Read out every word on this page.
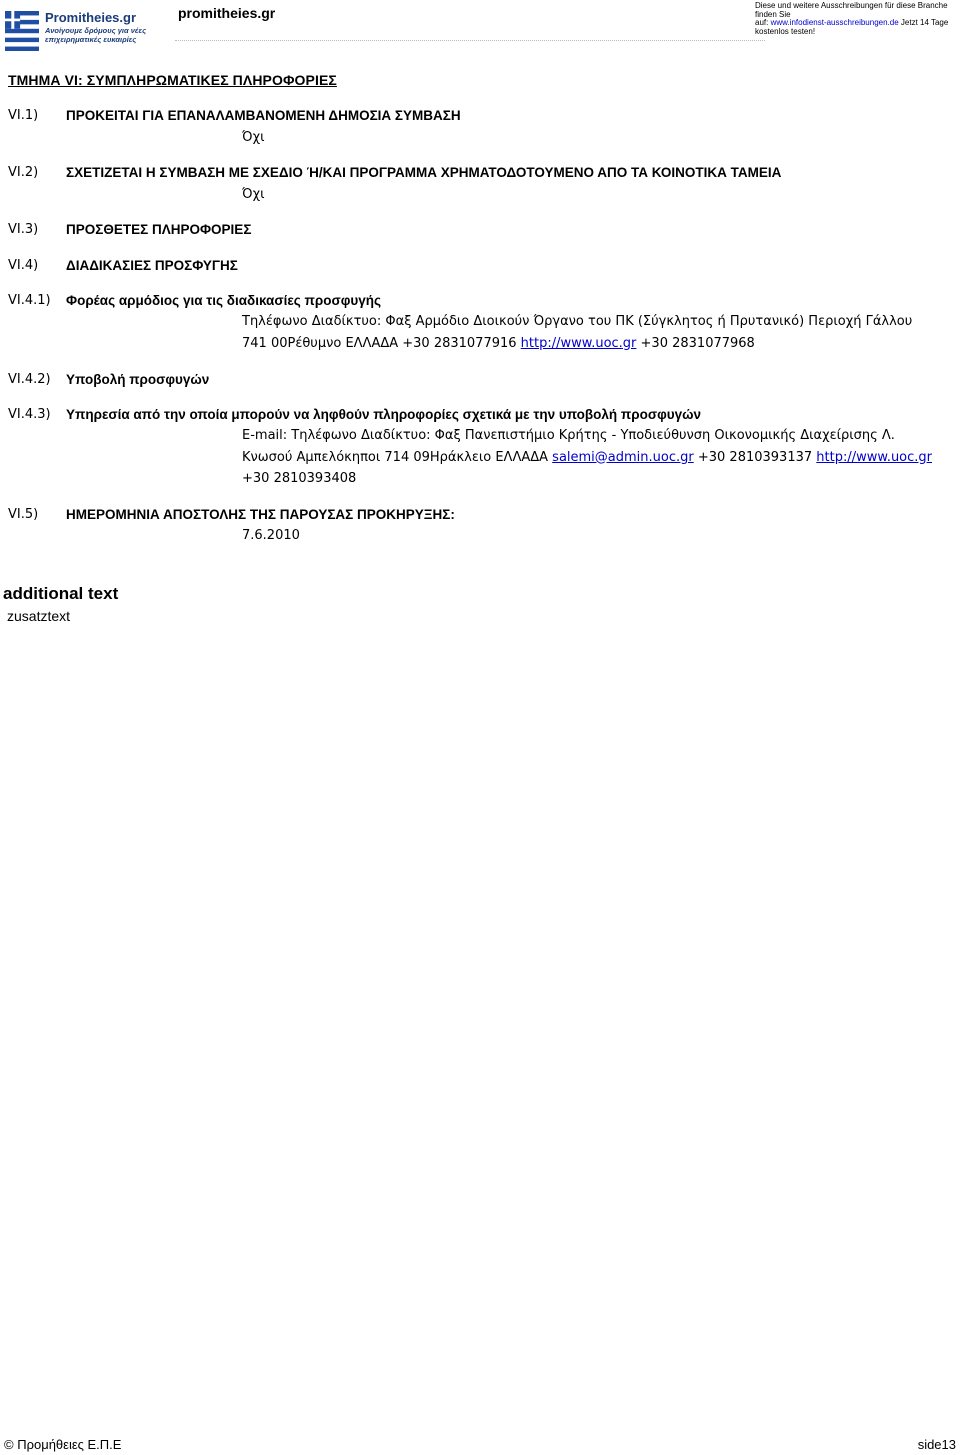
Promitheies.gr
Ανοίγουμε δρόμους για νέες
επιχειρηματικές ευκαιρίες
promitheies.gr	Diese und weitere Ausschreibungen für diese Branche finden Sie
auf: www.infodienst-ausschreibungen.de Jetzt 14 Tage
kostenlos testen!
ΤΜΗΜΑ VI: ΣΥΜΠΛΗΡΩΜΑΤΙΚΕΣ ΠΛΗΡΟΦΟΡΙΕΣ
VI.1) ΠΡΟΚΕΙΤΑΙ ΓΙΑ ΕΠΑΝΑΛΑΜΒΑΝΟΜΕΝΗ ΔΗΜΟΣΙΑ ΣΥΜΒΑΣΗ
Όχι
VI.2) ΣΧΕΤΙΖΕΤΑΙ Η ΣΥΜΒΑΣΗ ΜΕ ΣΧΕΔΙΟ Ή/ΚΑΙ ΠΡΟΓΡΑΜΜΑ ΧΡΗΜΑΤΟΔΟΤΟΥΜΕΝΟ ΑΠΟ ΤΑ ΚΟΙΝΟΤΙΚΑ ΤΑΜΕΙΑ
Όχι
VI.3) ΠΡΟΣΘΕΤΕΣ ΠΛΗΡΟΦΟΡΙΕΣ
VI.4) ΔΙΑΔΙΚΑΣΙΕΣ ΠΡΟΣΦΥΓΗΣ
VI.4.1) Φορέας αρμόδιος για τις διαδικασίες προσφυγής
Τηλέφωνο Διαδίκτυο: Φαξ Αρμόδιο Διοικούν Όργανο του ΠΚ (Σύγκλητος ή Πρυτανικό) Περιοχή Γάλλου 741 00Ρέθυμνο ΕΛΛΑΔΑ +30 2831077916 http://www.uoc.gr +30 2831077968
VI.4.2) Υποβολή προσφυγών
VI.4.3) Υπηρεσία από την οποία μπορούν να ληφθούν πληροφορίες σχετικά με την υποβολή προσφυγών
E-mail: Τηλέφωνο Διαδίκτυο: Φαξ Πανεπιστήμιο Κρήτης - Υποδιεύθυνση Οικονομικής Διαχείρισης Λ. Κνωσού Αμπελόκηποι 714 09Ηράκλειο ΕΛΛΑΔΑ salemi@admin.uoc.gr +30 2810393137 http://www.uoc.gr +30 2810393408
VI.5) ΗΜΕΡΟΜΗΝΙΑ ΑΠΟΣΤΟΛΗΣ ΤΗΣ ΠΑΡΟΥΣΑΣ ΠΡΟΚΗΡΥΞΗΣ:
7.6.2010
additional text
zusatztext
© Προμήθειες Ε.Π.Ε	side13
